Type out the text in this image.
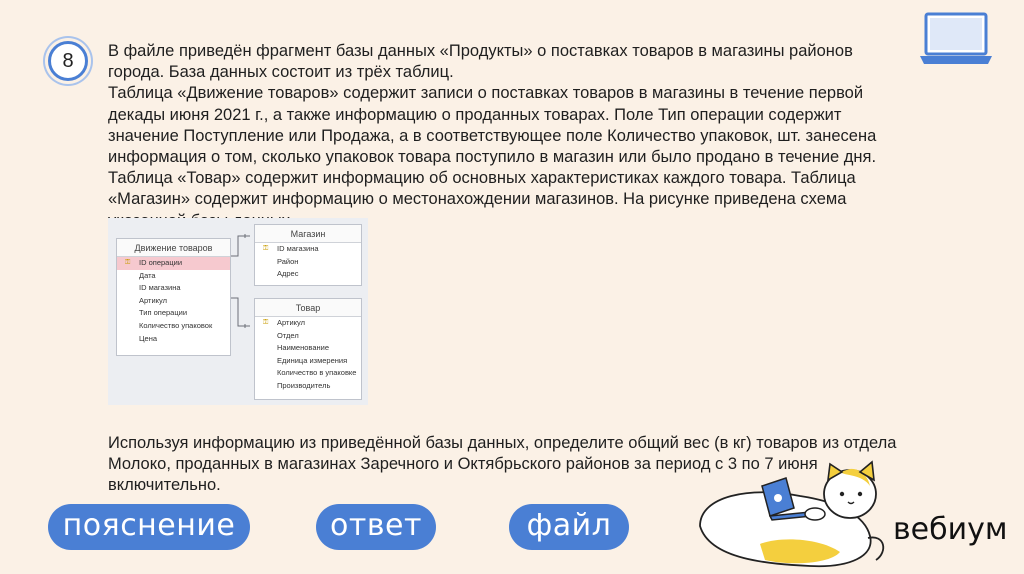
8 В файле приведён фрагмент базы данных «Продукты» о поставках товаров в магазины районов города. База данных состоит из трёх таблиц.

Таблица «Движение товаров» содержит записи о поставках товаров в магазины в течение первой декады июня 2021 г., а также информацию о проданных товарах. Поле Тип операции содержит значение Поступление или Продажа, а в соответствующее поле Количество упаковок, шт. занесена информация о том, сколько упаковок товара поступило в магазин или было продано в течение дня. Таблица «Товар» содержит информацию об основных характеристиках каждого товара. Таблица «Магазин» содержит информацию о местонахождении магазинов. На рисунке приведена схема

Движение товаров
⚿ ID операции
Дата
ID магазина
Артикул
Тип операции
Количество упаковок
Цена
Магазин
⚿ ID магазина
Район
Адрес
Товар
⚿ Артикул
Отдел
Наименование
Единица измерения
Количество в упаковке
Производитель

Используя информацию из приведённой базы данных, определите общий вес (в кг) товаров из отдела Молоко, проданных в магазинах Заречного и Октябрьского районов за период с 3 по 7 июня включительно.

пояснение	ответ	файл	вебиум
